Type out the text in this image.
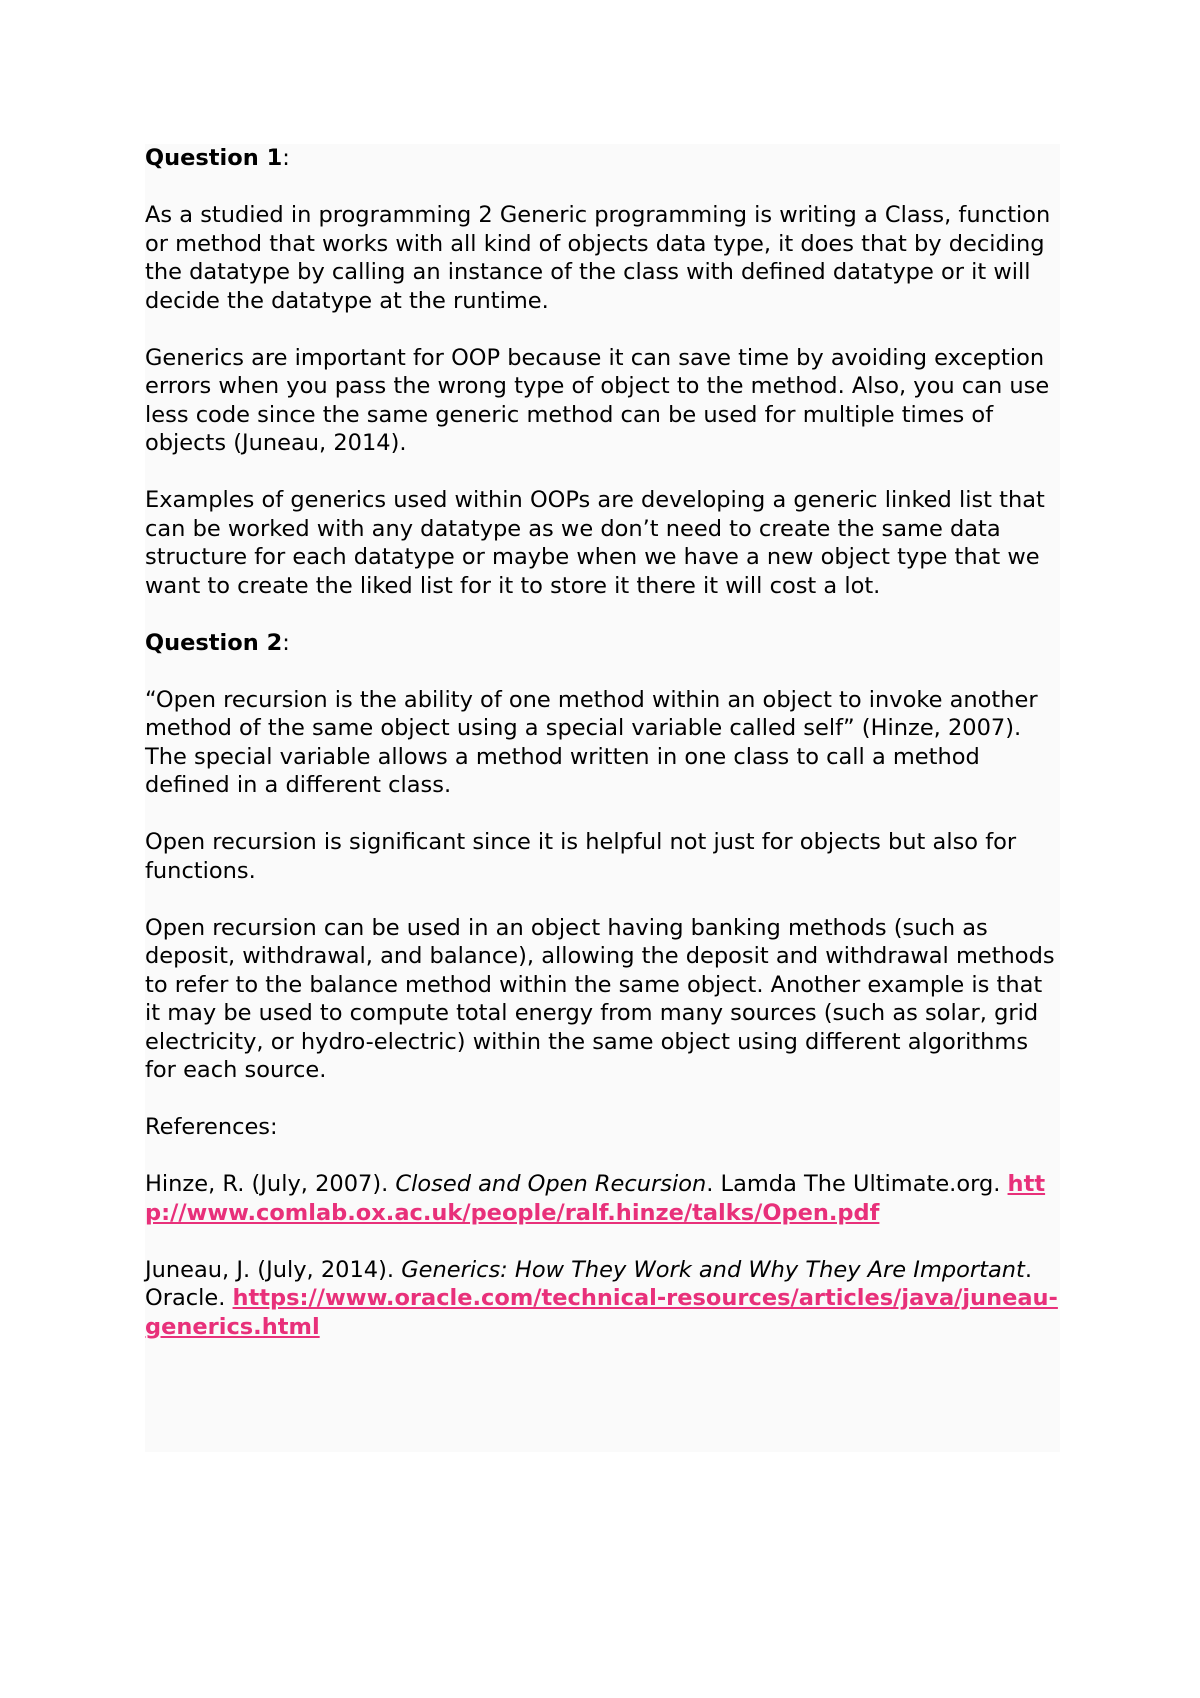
Question 1:

As a studied in programming 2 Generic programming is writing a Class, function or method that works with all kind of objects data type, it does that by deciding the datatype by calling an instance of the class with defined datatype or it will decide the datatype at the runtime.

Generics are important for OOP because it can save time by avoiding exception errors when you pass the wrong type of object to the method. Also, you can use less code since the same generic method can be used for multiple times of objects (Juneau, 2014).

Examples of generics used within OOPs are developing a generic linked list that can be worked with any datatype as we don’t need to create the same data structure for each datatype or maybe when we have a new object type that we want to create the liked list for it to store it there it will cost a lot.

Question 2:

“Open recursion is the ability of one method within an object to invoke another method of the same object using a special variable called self” (Hinze, 2007). The special variable allows a method written in one class to call a method defined in a different class.

Open recursion is significant since it is helpful not just for objects but also for functions.

Open recursion can be used in an object having banking methods (such as deposit, withdrawal, and balance), allowing the deposit and withdrawal methods to refer to the balance method within the same object. Another example is that it may be used to compute total energy from many sources (such as solar, grid electricity, or hydro-electric) within the same object using different algorithms for each source.

References:

Hinze, R. (July, 2007). Closed and Open Recursion. Lamda The Ultimate.org. http://www.comlab.ox.ac.uk/people/ralf.hinze/talks/Open.pdf

Juneau, J. (July, 2014). Generics: How They Work and Why They Are Important. Oracle. https://www.oracle.com/technical-resources/articles/java/juneau-generics.html
